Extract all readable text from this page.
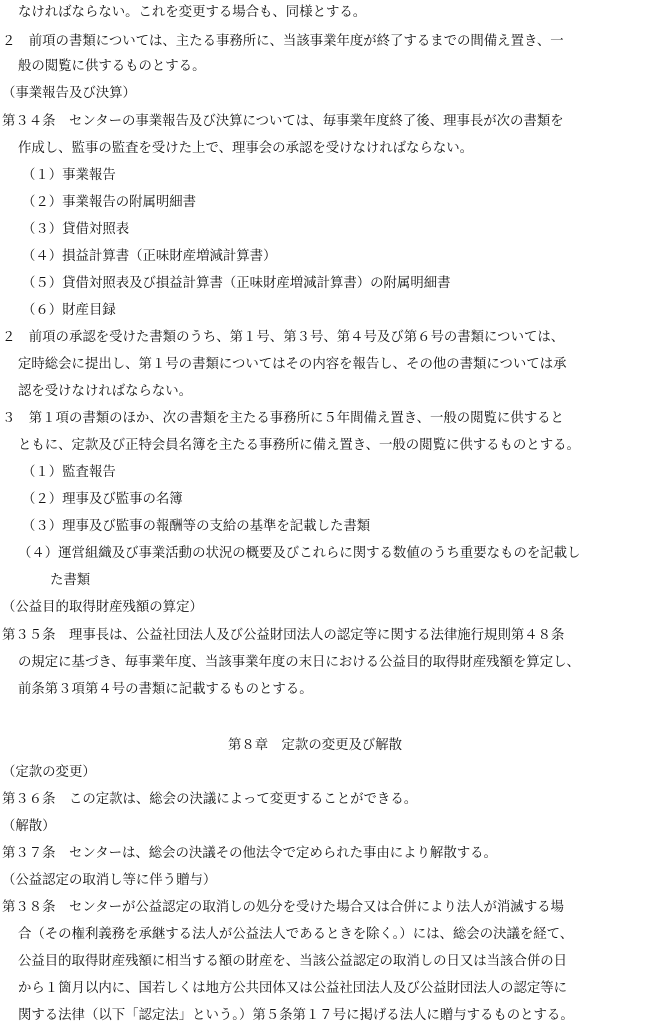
なければならない。これを変更する場合も、同様とする。
２　前項の書類については、主たる事務所に、当該事業年度が終了するまでの間備え置き、一
般の閲覧に供するものとする。
（事業報告及び決算）
第３４条　センターの事業報告及び決算については、毎事業年度終了後、理事長が次の書類を
作成し、監事の監査を受けた上で、理事会の承認を受けなければならない。
（１）事業報告
（２）事業報告の附属明細書
（３）貸借対照表
（４）損益計算書（正味財産増減計算書）
（５）貸借対照表及び損益計算書（正味財産増減計算書）の附属明細書
（６）財産目録
２　前項の承認を受けた書類のうち、第１号、第３号、第４号及び第６号の書類については、
定時総会に提出し、第１号の書類についてはその内容を報告し、その他の書類については承
認を受けなければならない。
３　第１項の書類のほか、次の書類を主たる事務所に５年間備え置き、一般の閲覧に供すると
ともに、定款及び正特会員名簿を主たる事務所に備え置き、一般の閲覧に供するものとする。
（１）監査報告
（２）理事及び監事の名簿
（３）理事及び監事の報酬等の支給の基準を記載した書類
（４）運営組織及び事業活動の状況の概要及びこれらに関する数値のうち重要なものを記載し
た書類
（公益目的取得財産残額の算定）
第３５条　理事長は、公益社団法人及び公益財団法人の認定等に関する法律施行規則第４８条
の規定に基づき、毎事業年度、当該事業年度の末日における公益目的取得財産残額を算定し、
前条第３項第４号の書類に記載するものとする。
第８章　定款の変更及び解散
（定款の変更）
第３６条　この定款は、総会の決議によって変更することができる。
（解散）
第３７条　センターは、総会の決議その他法令で定められた事由により解散する。
（公益認定の取消し等に伴う贈与）
第３８条　センターが公益認定の取消しの処分を受けた場合又は合併により法人が消滅する場
合（その権利義務を承継する法人が公益法人であるときを除く。）には、総会の決議を経て、
公益目的取得財産残額に相当する額の財産を、当該公益認定の取消しの日又は当該合併の日
から１箇月以内に、国若しくは地方公共団体又は公益社団法人及び公益財団法人の認定等に
関する法律（以下「認定法」という。）第５条第１７号に掲げる法人に贈与するものとする。
